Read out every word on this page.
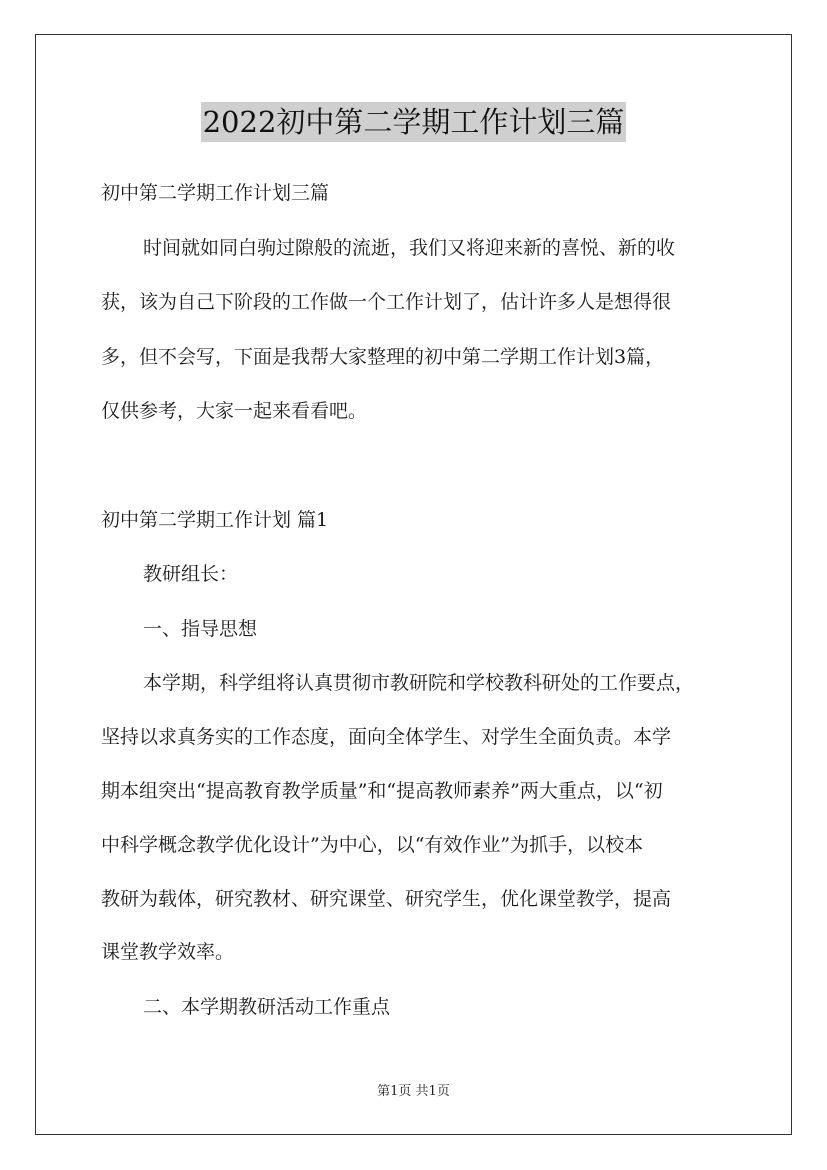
2022初中第二学期工作计划三篇

初中第二学期工作计划三篇

时间就如同白驹过隙般的流逝，我们又将迎来新的喜悦、新的收

获，该为自己下阶段的工作做一个工作计划了，估计许多人是想得很

多，但不会写，下面是我帮大家整理的初中第二学期工作计划3篇，

仅供参考，大家一起来看看吧。

初中第二学期工作计划 篇1

教研组长：

一、指导思想

本学期，科学组将认真贯彻市教研院和学校教科研处的工作要点，

坚持以求真务实的工作态度，面向全体学生、对学生全面负责。本学

期本组突出“提高教育教学质量”和“提高教师素养”两大重点，以“初

中科学概念教学优化设计”为中心，以“有效作业”为抓手，以校本

教研为载体，研究教材、研究课堂、研究学生，优化课堂教学，提高

课堂教学效率。

二、本学期教研活动工作重点

第1页 共1页
